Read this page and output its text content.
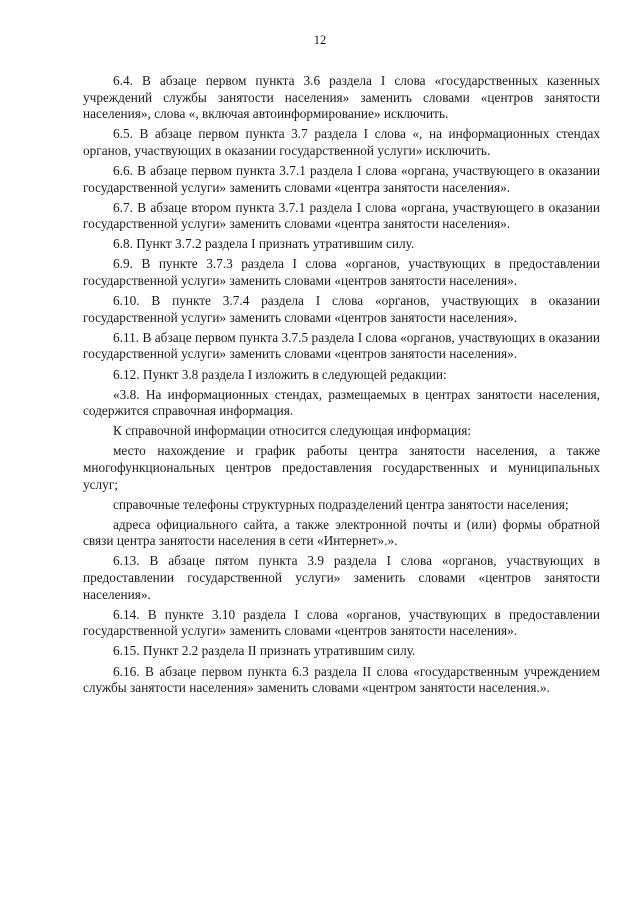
12

6.4. В абзаце первом пункта 3.6 раздела I слова «государственных казенных учреждений службы занятости населения» заменить словами «центров занятости населения», слова «, включая автоинформирование» исключить.

6.5. В абзаце первом пункта 3.7 раздела I слова «, на информационных стендах органов, участвующих в оказании государственной услуги» исключить.

6.6. В абзаце первом пункта 3.7.1 раздела I слова «органа, участвующего в оказании государственной услуги» заменить словами «центра занятости населения».

6.7. В абзаце втором пункта 3.7.1 раздела I слова «органа, участвующего в оказании государственной услуги» заменить словами «центра занятости населения».

6.8. Пункт 3.7.2 раздела I признать утратившим силу.

6.9. В пункте 3.7.3 раздела I слова «органов, участвующих в предоставлении государственной услуги» заменить словами «центров занятости населения».

6.10. В пункте 3.7.4 раздела I слова «органов, участвующих в оказании государственной услуги» заменить словами «центров занятости населения».

6.11. В абзаце первом пункта 3.7.5 раздела I слова «органов, участвующих в оказании государственной услуги» заменить словами «центров занятости населения».

6.12. Пункт 3.8 раздела I изложить в следующей редакции:

«3.8. На информационных стендах, размещаемых в центрах занятости населения, содержится справочная информация.

К справочной информации относится следующая информация:

место нахождение и график работы центра занятости населения, а также многофункциональных центров предоставления государственных и муниципальных услуг;

справочные телефоны структурных подразделений центра занятости населения;

адреса официального сайта, а также электронной почты и (или) формы обратной связи центра занятости населения в сети «Интернет».».

6.13. В абзаце пятом пункта 3.9 раздела I слова «органов, участвующих в предоставлении государственной услуги» заменить словами «центров занятости населения».

6.14. В пункте 3.10 раздела I слова «органов, участвующих в предоставлении государственной услуги» заменить словами «центров занятости населения».

6.15. Пункт 2.2 раздела II признать утратившим силу.

6.16. В абзаце первом пункта 6.3 раздела II слова «государственным учреждением службы занятости населения» заменить словами «центром занятости населения.».
